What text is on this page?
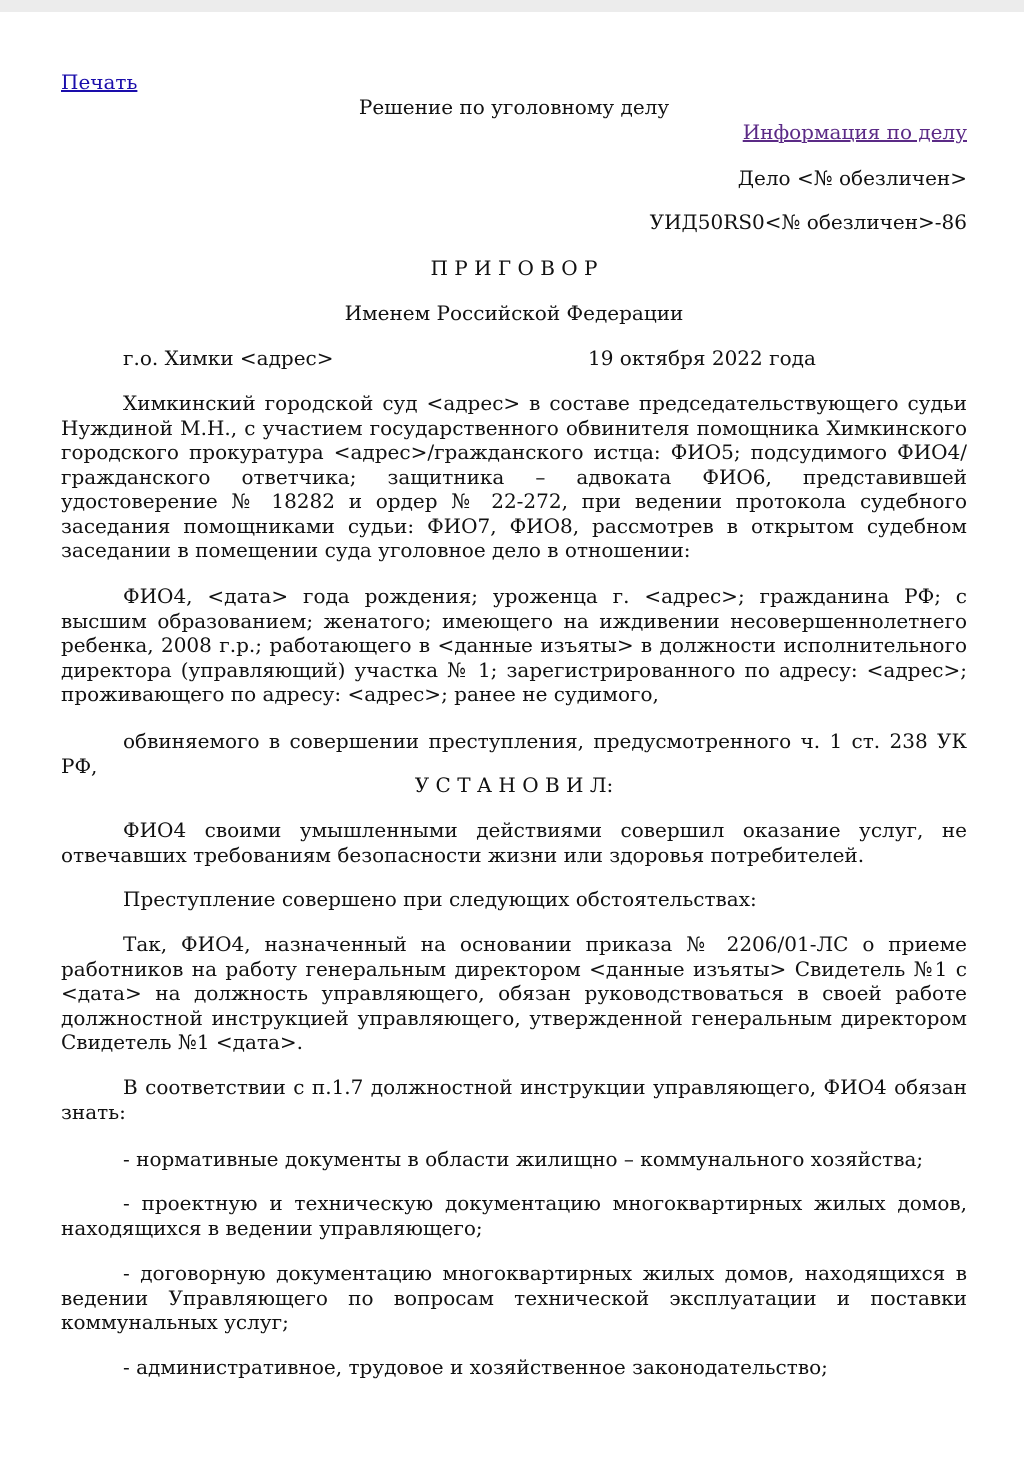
Печать
Решение по уголовному делу
Информация по делу
Дело <№ обезличен>
УИД50RS0<№ обезличен>-86
П Р И Г О В О Р
Именем Российской Федерации
г.о. Химки <адрес>	19 октября 2022 года
Химкинский городской суд <адрес> в составе председательствующего судьи Нуждиной М.Н., с участием государственного обвинителя помощника Химкинского городского прокуратура <адрес>/гражданского истца: ФИО5; подсудимого ФИО4/ гражданского ответчика; защитника – адвоката ФИО6, представившей удостоверение № 18282 и ордер № 22-272, при ведении протокола судебного заседания помощниками судьи: ФИО7, ФИО8, рассмотрев в открытом судебном заседании в помещении суда уголовное дело в отношении:
ФИО4, <дата> года рождения; уроженца г. <адрес>; гражданина РФ; с высшим образованием; женатого; имеющего на иждивении несовершеннолетнего ребенка, 2008 г.р.; работающего в <данные изъяты> в должности исполнительного директора (управляющий) участка № 1; зарегистрированного по адресу: <адрес>; проживающего по адресу: <адрес>; ранее не судимого,
обвиняемого в совершении преступления, предусмотренного ч. 1 ст. 238 УК РФ,
У С Т А Н О В И Л:
ФИО4 своими умышленными действиями совершил оказание услуг, не отвечавших требованиям безопасности жизни или здоровья потребителей.
Преступление совершено при следующих обстоятельствах:
Так, ФИО4, назначенный на основании приказа № 2206/01-ЛС о приеме работников на работу генеральным директором <данные изъяты> Свидетель №1 с <дата> на должность управляющего, обязан руководствоваться в своей работе должностной инструкцией управляющего, утвержденной генеральным директором Свидетель №1 <дата>.
В соответствии с п.1.7 должностной инструкции управляющего, ФИО4 обязан знать:
- нормативные документы в области жилищно – коммунального хозяйства;
- проектную и техническую документацию многоквартирных жилых домов, находящихся в ведении управляющего;
- договорную документацию многоквартирных жилых домов, находящихся в ведении Управляющего по вопросам технической эксплуатации и поставки коммунальных услуг;
- административное, трудовое и хозяйственное законодательство;
